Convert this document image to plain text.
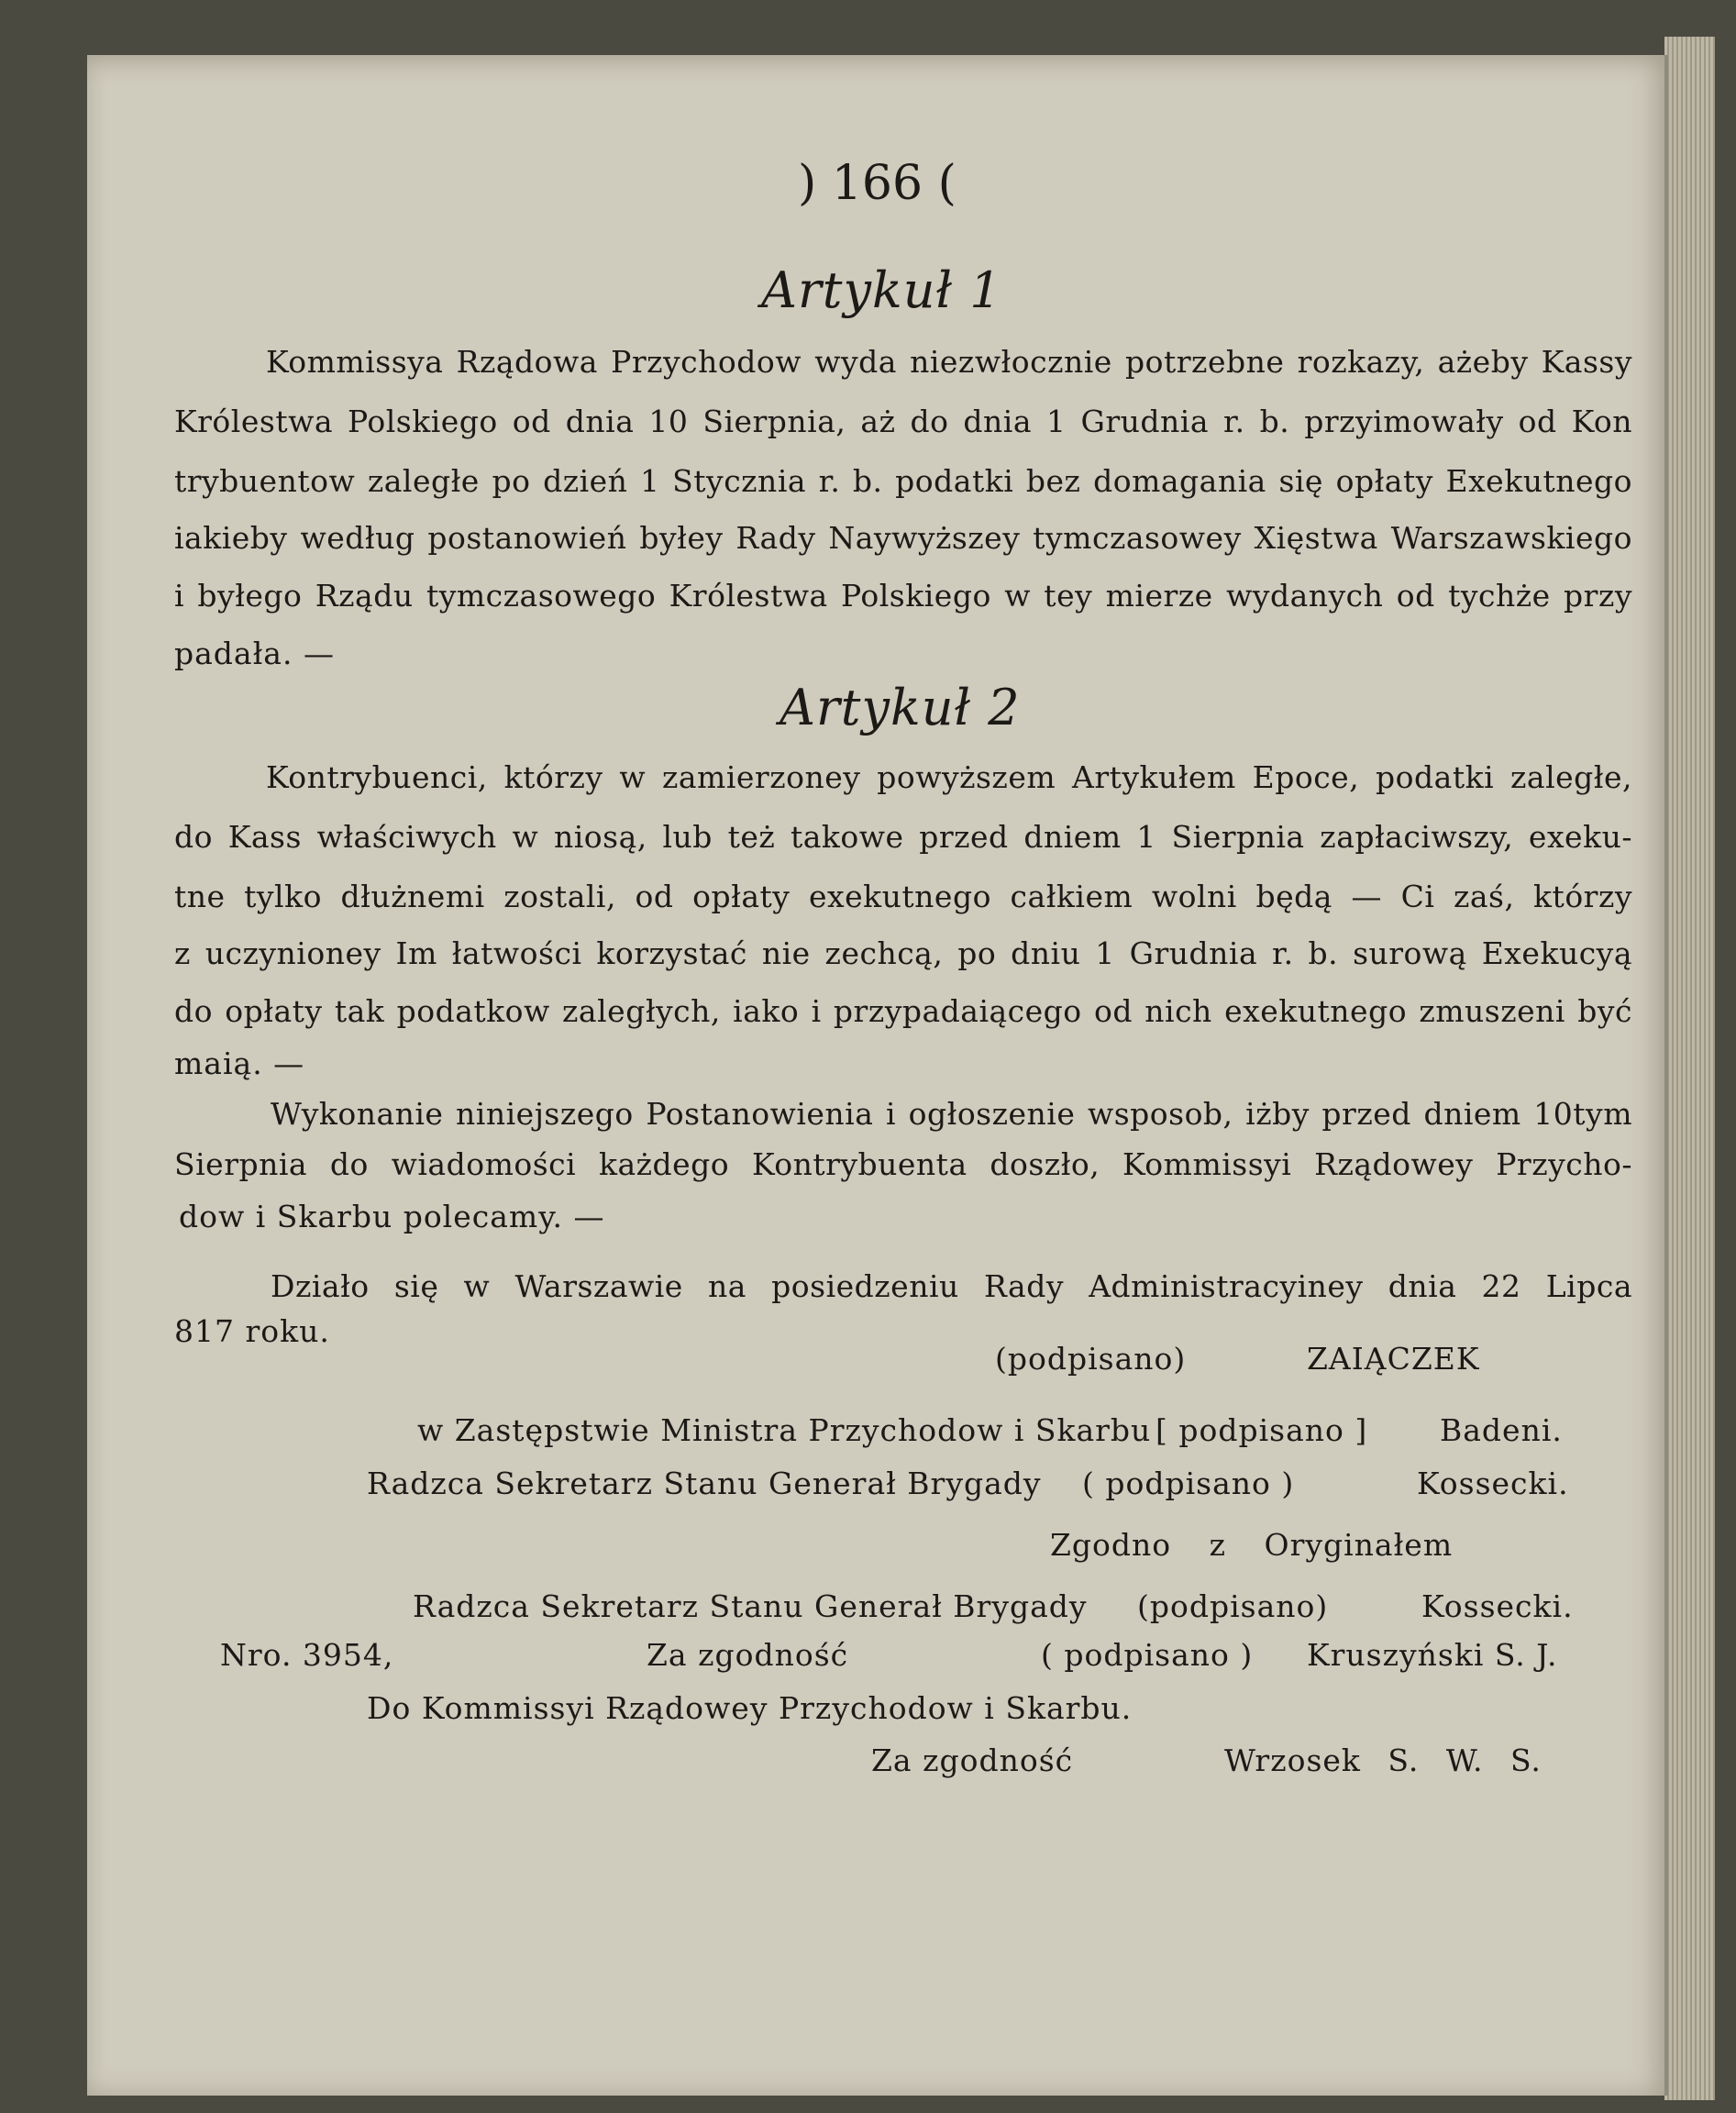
) 166 (
Artykuł 1
Kommissya Rządowa Przychodow wyda niezwłocznie potrzebne rozkazy, ażeby Kassy
Królestwa Polskiego od dnia 10 Sierpnia, aż do dnia 1 Grudnia r. b. przyimowały od Kon
trybuentow zaległe po dzień 1 Stycznia r. b. podatki bez domagania się opłaty Exekutnego
iakieby według postanowień byłey Rady Naywyższey tymczasowey Xięstwa Warszawskiego
i byłego Rządu tymczasowego Królestwa Polskiego w tey mierze wydanych od tychże przy
padała. —
Artykuł 2
Kontrybuenci, którzy w zamierzoney powyższem Artykułem Epoce, podatki zaległe,
do Kass właściwych w niosą, lub też takowe przed dniem 1 Sierpnia zapłaciwszy, exeku-
tne tylko dłużnemi zostali, od opłaty exekutnego całkiem wolni będą — Ci zaś, którzy
z uczynioney Im łatwości korzystać nie zechcą, po dniu 1 Grudnia r. b. surową Exekucyą
do opłaty tak podatkow zaległych, iako i przypadaiącego od nich exekutnego zmuszeni być
maią. —
Wykonanie niniejszego Postanowienia i ogłoszenie wsposob, iżby przed dniem 10tym
Sierpnia do wiadomości każdego Kontrybuenta doszło, Kommissyi Rządowey Przycho-
dow i Skarbu polecamy. —
Działo się w Warszawie na posiedzeniu Rady Administracyiney dnia 22 Lipca
817 roku.
(podpisano)	ZAIĄCZEK
w Zastępstwie Ministra Przychodow i Skarbu [ podpisano ] Badeni.
Radzca Sekretarz Stanu Generał Brygady ( podpisano )	Kossecki.
Zgodno z Oryginałem
Radzca Sekretarz Stanu Generał Brygady (podpisano)	Kossecki.
Nro. 3954,	Za zgodność	( podpisano ) Kruszyński S. J.
Do Kommissyi Rządowey Przychodow i Skarbu.
Za zgodność	Wrzosek S. W. S.
